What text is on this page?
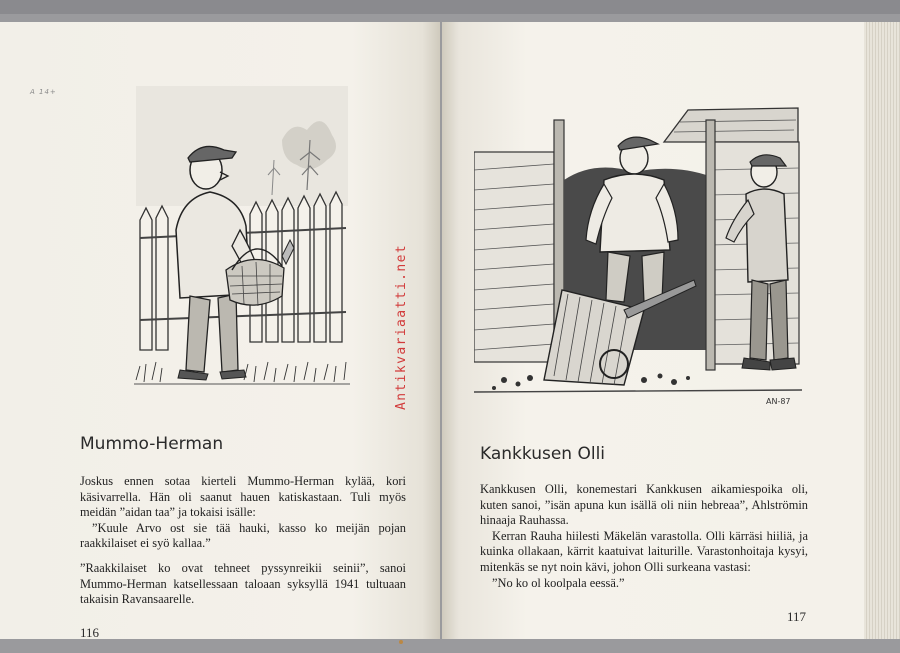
A 14+
Mummo-Herman

Joskus ennen sotaa kierteli Mummo-Herman kylää, kori käsivarrella. Hän oli saanut hauen katiskastaan. Tuli myös meidän ”aidan taa” ja tokaisi isälle:

”Kuule Arvo ost sie tää hauki, kasso ko meijän pojan raakkilaiset ei syö kallaa.”

”Raakkilaiset ko ovat tehneet pyssynreikii seinii”, sanoi Mummo-Herman katsellessaan taloaan syksyllä 1941 tultuaan takaisin Ravansaarelle.

116
AN-87
Kankkusen Olli

Kankkusen Olli, konemestari Kankkusen aikamiespoika oli, kuten sanoi, ”isän apuna kun isällä oli niin hebreaa”, Ahlströmin hinaaja Rauhassa.

Kerran Rauha hiilesti Mäkelän varastolla. Olli kärräsi hiiliä, ja kuinka ollakaan, kärrit kaatuivat laiturille. Varastonhoitaja kysyi, mitenkäs se nyt noin kävi, johon Olli surkeana vastasi:

”No ko ol koolpala eessä.”

117
Antikvariaatti.net
